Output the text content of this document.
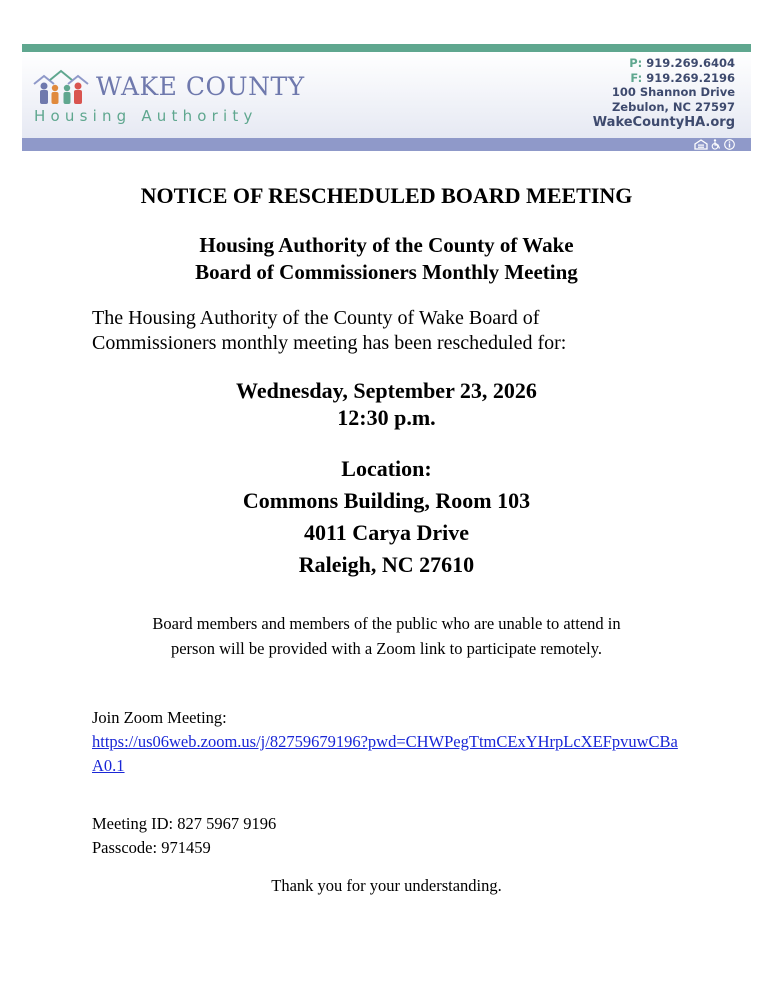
WAKE COUNTY
Housing Authority
P: 919.269.6404
F: 919.269.2196
100 Shannon Drive
Zebulon, NC 27597
WakeCountyHA.org
NOTICE OF RESCHEDULED BOARD MEETING
Housing Authority of the County of Wake
Board of Commissioners Monthly Meeting
The Housing Authority of the County of Wake Board of
Commissioners monthly meeting has been rescheduled for:
Wednesday, September 23, 2026
12:30 p.m.
Location:
Commons Building, Room 103
4011 Carya Drive
Raleigh, NC 27610
Board members and members of the public who are unable to attend in
person will be provided with a Zoom link to participate remotely.
Join Zoom Meeting:
https://us06web.zoom.us/j/82759679196?pwd=CHWPegTtmCExYHrpLcXEFpvuwCBaA0.1
Meeting ID: 827 5967 9196
Passcode: 971459
Thank you for your understanding.
